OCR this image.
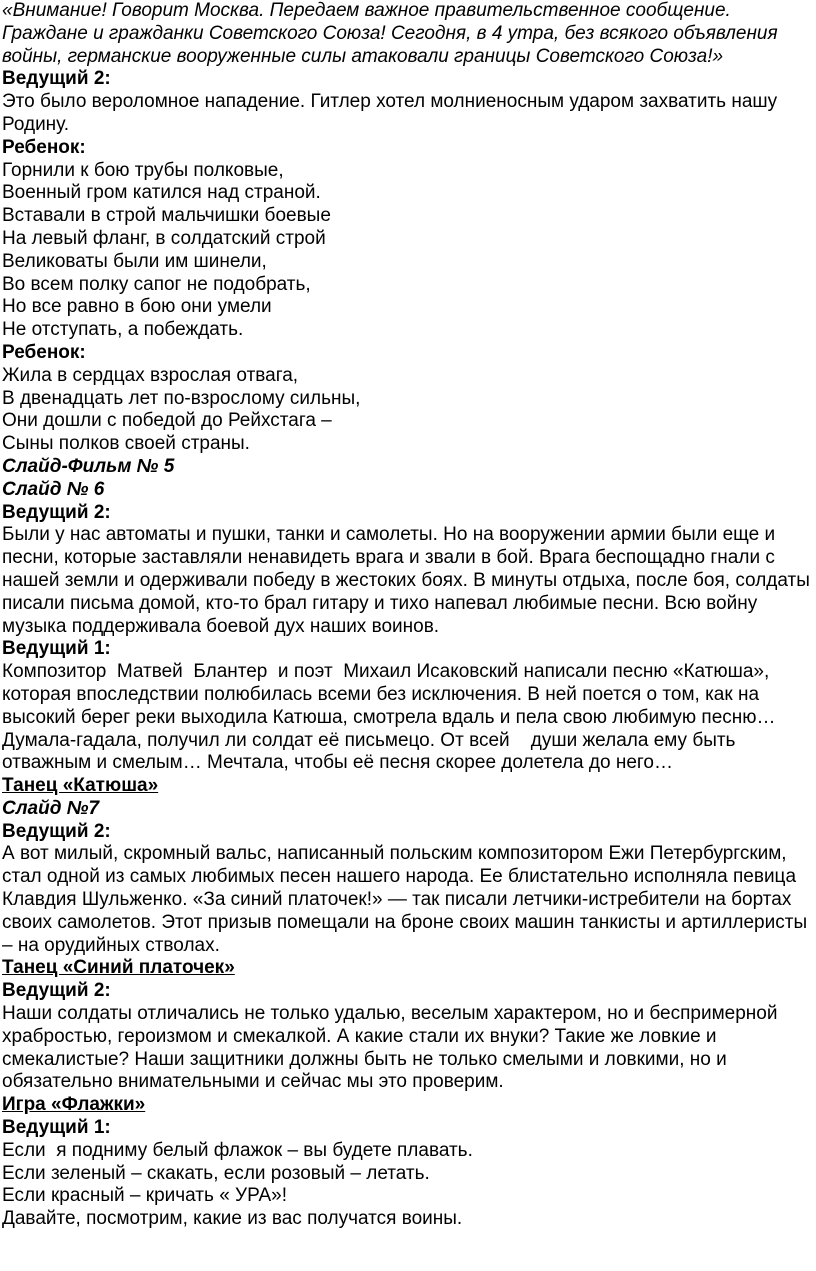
«Внимание! Говорит Москва. Передаем важное правительственное сообщение. Граждане и гражданки Советского Союза! Сегодня, в 4 утра, без всякого объявления войны, германские вооруженные силы атаковали границы Советского Союза!»
Ведущий 2:
Это было вероломное нападение. Гитлер хотел молниеносным ударом захватить нашу Родину.
Ребенок:
Горнили к бою трубы полковые,
Военный гром катился над страной.
Вставали в строй мальчишки боевые
На левый фланг, в солдатский строй
Великоваты были им шинели,
Во всем полку сапог не подобрать,
Но все равно в бою они умели
Не отступать, а побеждать.
Ребенок:
Жила в сердцах взрослая отвага,
В двенадцать лет по-взрослому сильны,
Они дошли с победой до Рейхстага –
Сыны полков своей страны.
Слайд-Фильм № 5
Слайд № 6
Ведущий 2:
Были у нас автоматы и пушки, танки и самолеты. Но на вооружении армии были еще и песни, которые заставляли ненавидеть врага и звали в бой. Врага беспощадно гнали с нашей земли и одерживали победу в жестоких боях. В минуты отдыха, после боя, солдаты писали письма домой, кто-то брал гитару и тихо напевал любимые песни. Всю войну музыка поддерживала боевой дух наших воинов.
Ведущий 1:
Композитор  Матвей  Блантер  и поэт  Михаил Исаковский написали песню «Катюша», которая впоследствии полюбилась всеми без исключения. В ней поется о том, как на высокий берег реки выходила Катюша, смотрела вдаль и пела свою любимую песню… Думала-гадала, получил ли солдат её письмецо. От всей    души желала ему быть отважным и смелым… Мечтала, чтобы её песня скорее долетела до него…
Танец «Катюша»
Слайд №7
Ведущий 2:
А вот милый, скромный вальс, написанный польским композитором Ежи Петербургским, стал одной из самых любимых песен нашего народа. Ее блистательно исполняла певица Клавдия Шульженко. «За синий платочек!» — так писали летчики-истребители на бортах своих самолетов. Этот призыв помещали на броне своих машин танкисты и артиллеристы – на орудийных стволах.
Танец «Синий платочек»
Ведущий 2:
Наши солдаты отличались не только удалью, веселым характером, но и беспримерной храбростью, героизмом и смекалкой. А какие стали их внуки? Такие же ловкие и смекалистые? Наши защитники должны быть не только смелыми и ловкими, но и обязательно внимательными и сейчас мы это проверим.
Игра «Флажки»
Ведущий 1:
Если  я подниму белый флажок – вы будете плавать.
Если зеленый – скакать, если розовый – летать.
Если красный – кричать « УРА»!
Давайте, посмотрим, какие из вас получатся воины.
